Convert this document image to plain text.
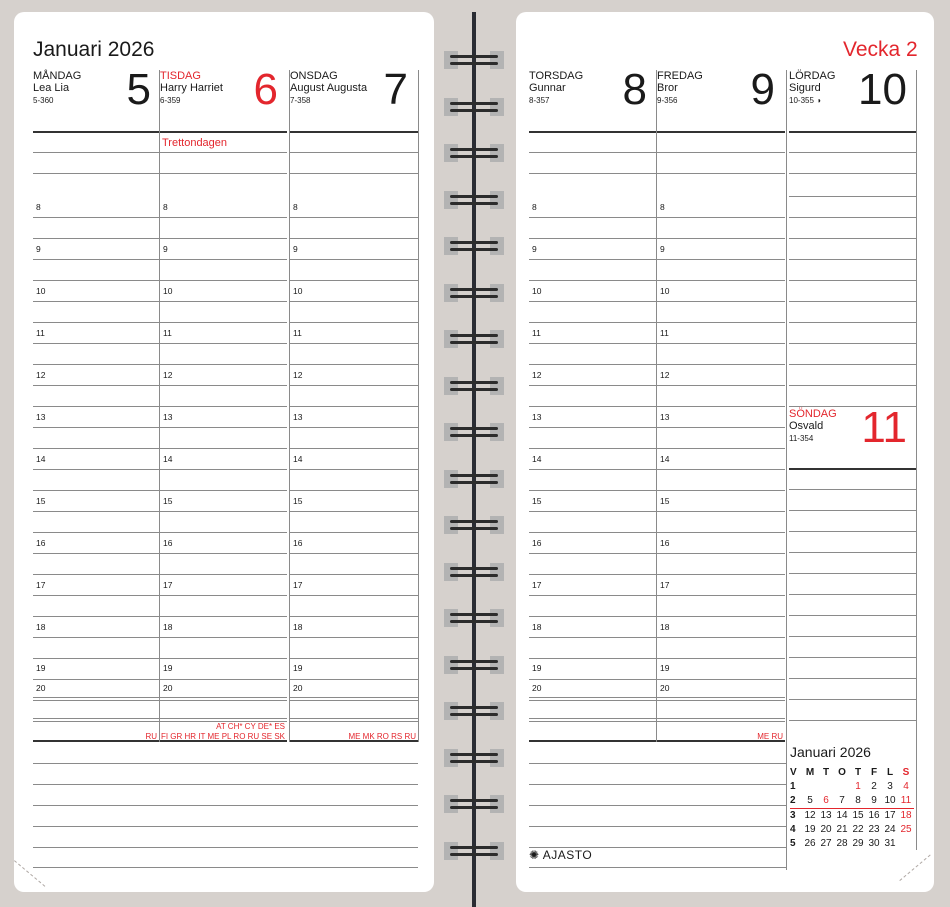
Januari 2026	Vecka 2
MÅNDAG
Lea Lia
5-360 5
8
9
10
11
12
13
14
15
16
17
18
19
20
RU
TISDAG
Harry Harriet
6-359 6
Trettondagen
8
9
10
11
12
13
14
15
16
17
18
19
20
AT CH* CY DE* ES
FI GR HR IT ME PL RO RU SE SK
ONSDAG
August Augusta
7-358 7
8
9
10
11
12
13
14
15
16
17
18
19
20
ME MK RO RS RU
TORSDAG
Gunnar
8-357 8
8
9
10
11
12
13
14
15
16
17
18
19
20
FREDAG
Bror
9-356 9
8
9
10
11
12
13
14
15
16
17
18
19
20
ME RU
LÖRDAG
Sigurd
10-355 ◑ 10
SÖNDAG
Osvald
11-354 11
Januari 2026
V	M	T	O	T	F	L	S
1				1	2	3	4
2	5	6	7	8	9	10	11
3	12	13	14	15	16	17	18
4	19	20	21	22	23	24	25
5	26	27	28	29	30	31	
✺ AJASTO
